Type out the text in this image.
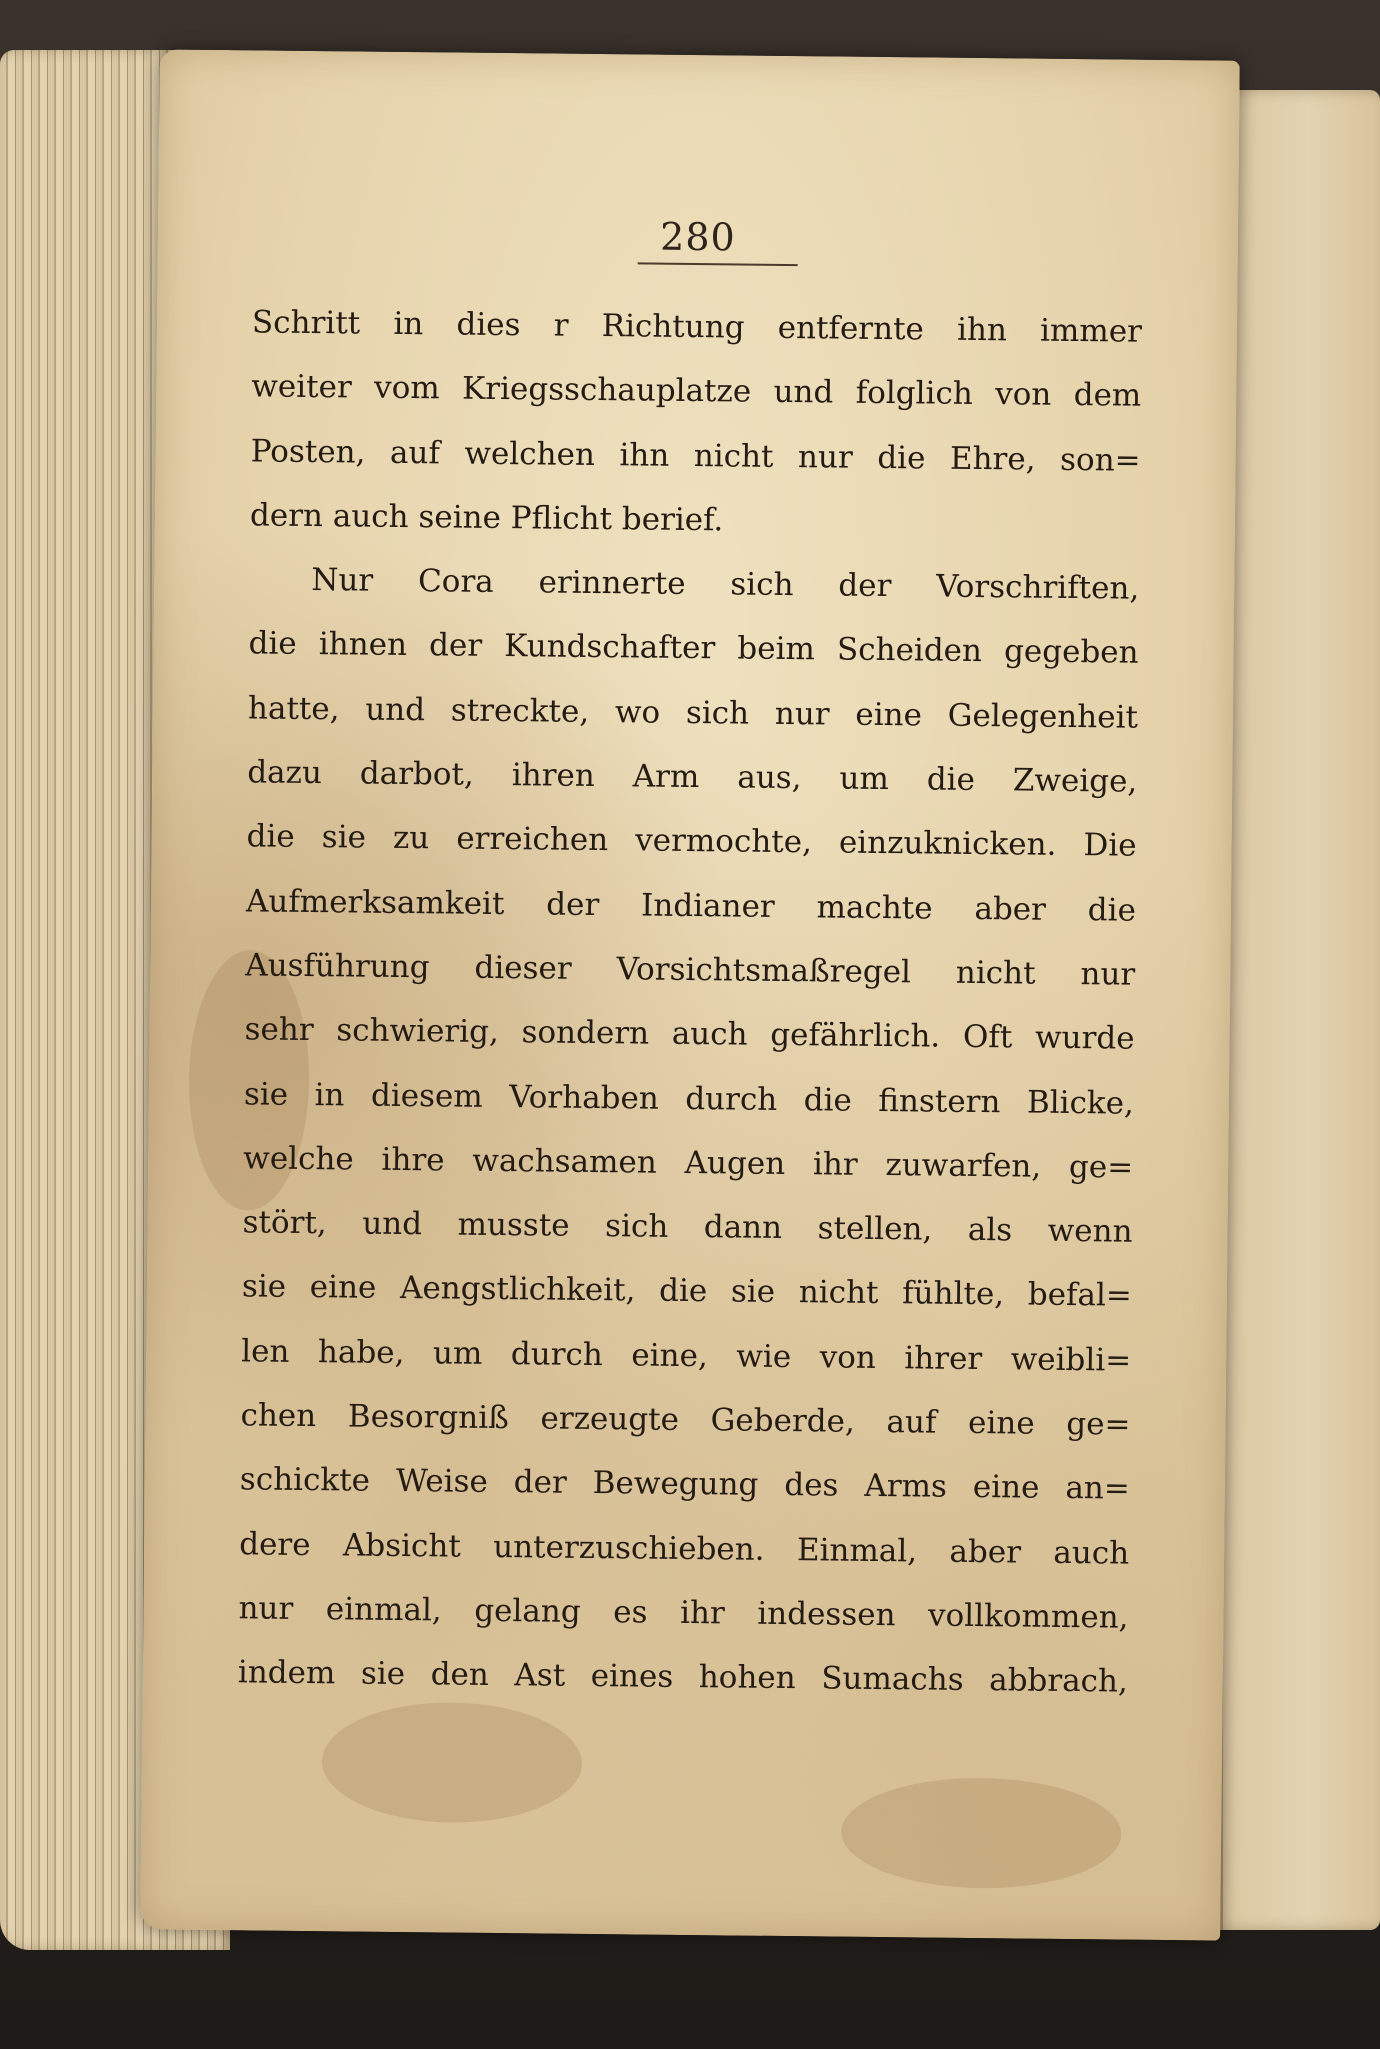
280
Schritt in dies r Richtung entfernte ihn immer
weiter vom Kriegsschauplatze und folglich von dem
Posten, auf welchen ihn nicht nur die Ehre, son=
dern auch seine Pflicht berief.
Nur Cora erinnerte sich der Vorschriften,
die ihnen der Kundschafter beim Scheiden gegeben
hatte, und streckte, wo sich nur eine Gelegenheit
dazu darbot, ihren Arm aus, um die Zweige,
die sie zu erreichen vermochte, einzuknicken. Die
Aufmerksamkeit der Indianer machte aber die
Ausführung dieser Vorsichtsmaßregel nicht nur
sehr schwierig, sondern auch gefährlich. Oft wurde
sie in diesem Vorhaben durch die finstern Blicke,
welche ihre wachsamen Augen ihr zuwarfen, ge=
stört, und musste sich dann stellen, als wenn
sie eine Aengstlichkeit, die sie nicht fühlte, befal=
len habe, um durch eine, wie von ihrer weibli=
chen Besorgniß erzeugte Geberde, auf eine ge=
schickte Weise der Bewegung des Arms eine an=
dere Absicht unterzuschieben. Einmal, aber auch
nur einmal, gelang es ihr indessen vollkommen,
indem sie den Ast eines hohen Sumachs abbrach,
